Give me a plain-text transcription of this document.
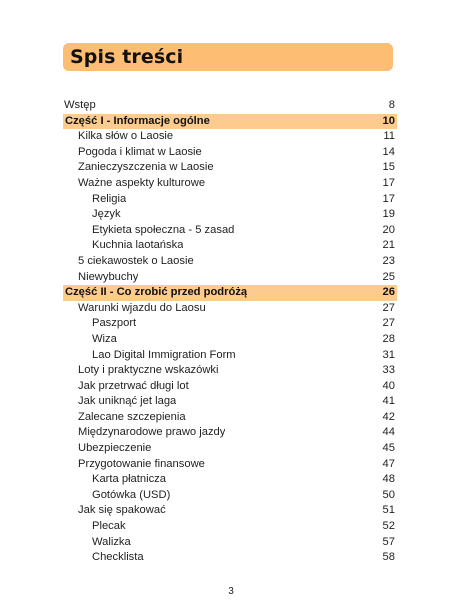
Spis treści
Wstęp	8
Część I - Informacje ogólne	10
Kilka słów o Laosie	11
Pogoda i klimat w Laosie	14
Zanieczyszczenia w Laosie	15
Ważne aspekty kulturowe	17
Religia	17
Język	19
Etykieta społeczna - 5 zasad	20
Kuchnia laotańska	21
5 ciekawostek o Laosie	23
Niewybuchy	25
Część II - Co zrobić przed podróżą	26
Warunki wjazdu do Laosu	27
Paszport	27
Wiza	28
Lao Digital Immigration Form	31
Loty i praktyczne wskazówki	33
Jak przetrwać długi lot	40
Jak uniknąć jet laga	41
Zalecane szczepienia	42
Międzynarodowe prawo jazdy	44
Ubezpieczenie	45
Przygotowanie finansowe	47
Karta płatnicza	48
Gotówka (USD)	50
Jak się spakować	51
Plecak	52
Walizka	57
Checklista	58
3
